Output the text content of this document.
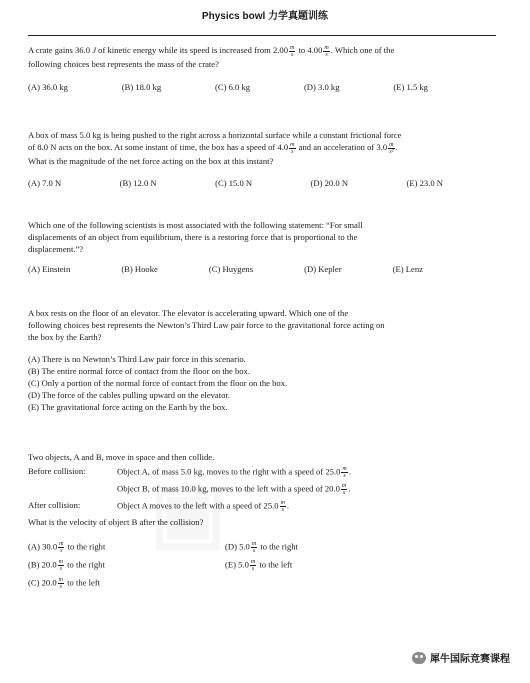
Physics bowl 力学真题训练

A crate gains 36.0 J of kinetic energy while its speed is increased from $2.00 \frac{m}{s}$ to $4.00 \frac{m}{s}$ . Which one of the

following choices best represents the mass of the crate?

(A) 36.0 kg	(B) 18.0 kg	(C) 6.0 kg	(D) 3.0 kg	(E) 1.5 kg

A box of mass 5.0 kg is being pushed to the right across a horizontal surface while a constant frictional force

of 8.0 N acts on the box. At some instant of time, the box has a speed of $4.0 \frac{m}{s}$ and an acceleration of $3.0 \frac{m}{\text{s²}}$ .

What is the magnitude of the net force acting on the box at this instant?

(A) 7.0 N	(B) 12.0 N	(C) 15.0 N	(D) 20.0 N	(E) 23.0 N

Which one of the following scientists is most associated with the following statement: “For small

displacements of an object from equilibrium, there is a restoring force that is proportional to the

displacement.”?

(A) Einstein	(B) Hooke	(C) Huygens	(D) Kepler	(E) Lenz

A box rests on the floor of an elevator. The elevator is accelerating upward. Which one of the

following choices best represents the Newton’s Third Law pair force to the gravitational force acting on

the box by the Earth?

(A) There is no Newton’s Third Law pair force in this scenario.

(B) The entire normal force of contact from the floor on the box.

(C) Only a portion of the normal force of contact from the floor on the box.

(D) The force of the cables pulling upward on the elevator.

(E) The gravitational force acting on the Earth by the box.

Two objects, A and B, move in space and then collide.

Before collision:	Object A, of mass 5.0 kg, moves to the right with a speed of $25.0 \frac{m}{s}$ .
Object B, of mass 10.0 kg, moves to the left with a speed of $20.0 \frac{m}{s}$ .
After collision:	Object A moves to the left with a speed of $25.0 \frac{m}{s}$ .
What is the velocity of object B after the collision?
(A) $30.0 \frac{m}{s}$ to the right	(D) $5.0 \frac{m}{s}$ to the right
(B) $20.0 \frac{m}{s}$ to the right	(E) $5.0 \frac{m}{s}$ to the left
(C) $20.0 \frac{m}{s}$ to the left
犀牛国际竞赛课程
